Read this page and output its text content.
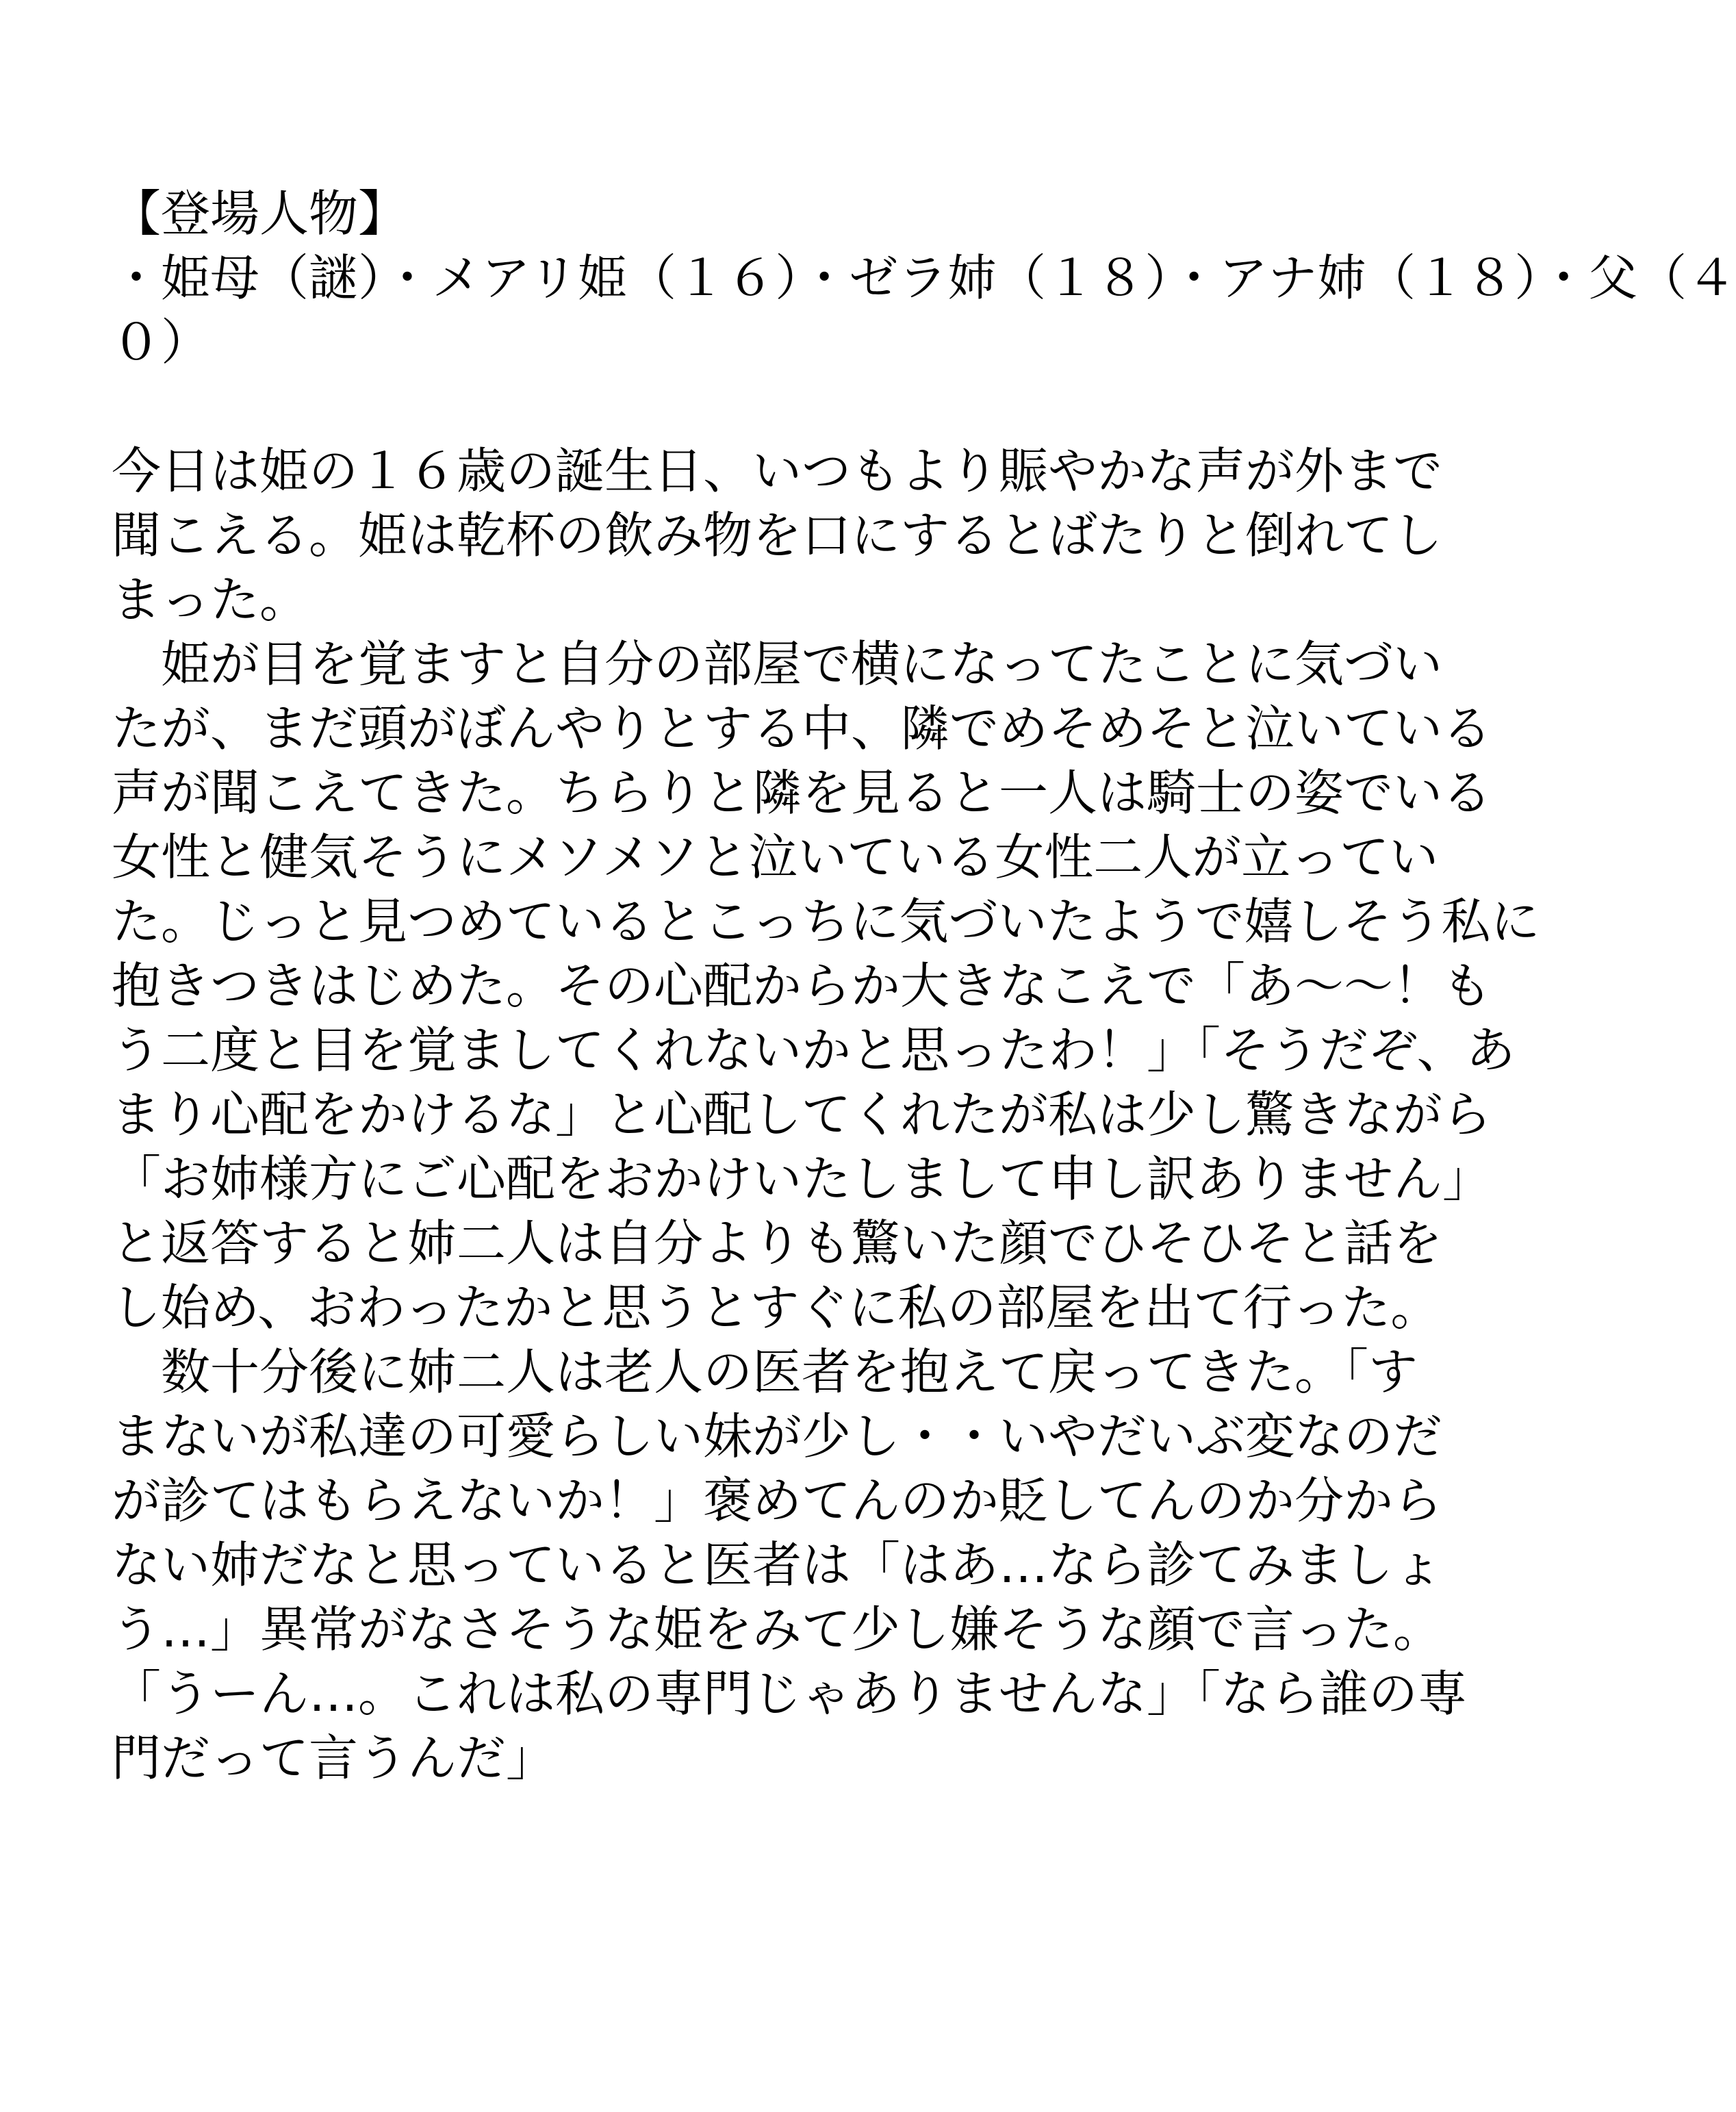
【登場人物】
・姫母（謎）・メアリ姫（１６）・ゼラ姉（１８）・アナ姉（１８）・父（４
０）
今日は姫の１６歳の誕生日、いつもより賑やかな声が外まで
聞こえる。姫は乾杯の飲み物を口にするとばたりと倒れてし
まった。
　姫が目を覚ますと自分の部屋で横になってたことに気づい
たが、まだ頭がぼんやりとする中、隣でめそめそと泣いている
声が聞こえてきた。ちらりと隣を見ると一人は騎士の姿でいる
女性と健気そうにメソメソと泣いている女性二人が立ってい
た。じっと見つめているとこっちに気づいたようで嬉しそう私に
抱きつきはじめた。その心配からか大きなこえで「あ～～！も
う二度と目を覚ましてくれないかと思ったわ！」「そうだぞ、あ
まり心配をかけるな」と心配してくれたが私は少し驚きながら
「お姉様方にご心配をおかけいたしまして申し訳ありません」
と返答すると姉二人は自分よりも驚いた顔でひそひそと話を
し始め、おわったかと思うとすぐに私の部屋を出て行った。
　数十分後に姉二人は老人の医者を抱えて戻ってきた。「す
まないが私達の可愛らしい妹が少し・・いやだいぶ変なのだ
が診てはもらえないか！」褒めてんのか貶してんのか分から
ない姉だなと思っていると医者は「はあ…なら診てみましょ
う…」異常がなさそうな姫をみて少し嫌そうな顔で言った。
「うーん…。これは私の専門じゃありませんな」「なら誰の専
門だって言うんだ」
